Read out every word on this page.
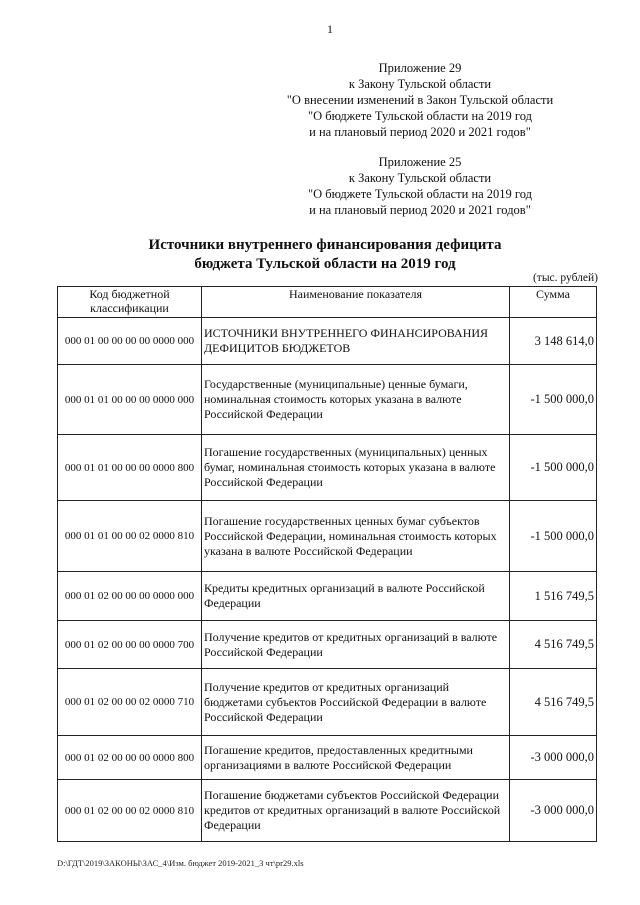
1
Приложение 29
к Закону Тульской области
"О внесении изменений в Закон Тульской области
"О бюджете Тульской области на 2019 год
и на плановый период 2020 и 2021 годов"
Приложение 25
к Закону Тульской области
"О бюджете Тульской области на 2019 год
и на плановый период 2020 и 2021 годов"
Источники внутреннего финансирования дефицита
бюджета Тульской области на 2019 год
(тыс. рублей)
Код бюджетной классификации	Наименование показателя	Сумма
000 01 00 00 00 00 0000 000	ИСТОЧНИКИ ВНУТРЕННЕГО ФИНАНСИРОВАНИЯ ДЕФИЦИТОВ БЮДЖЕТОВ	3 148 614,0
000 01 01 00 00 00 0000 000	Государственные (муниципальные) ценные бумаги, номинальная стоимость которых указана в валюте Российской Федерации	-1 500 000,0
000 01 01 00 00 00 0000 800	Погашение государственных (муниципальных) ценных бумаг, номинальная стоимость которых указана в валюте Российской Федерации	-1 500 000,0
000 01 01 00 00 02 0000 810	Погашение государственных ценных бумаг субъектов Российской Федерации, номинальная стоимость которых указана в валюте Российской Федерации	-1 500 000,0
000 01 02 00 00 00 0000 000	Кредиты кредитных организаций в валюте Российской Федерации	1 516 749,5
000 01 02 00 00 00 0000 700	Получение кредитов от кредитных организаций в валюте Российской Федерации	4 516 749,5
000 01 02 00 00 02 0000 710	Получение кредитов от кредитных организаций бюджетами субъектов Российской Федерации в валюте Российской Федерации	4 516 749,5
000 01 02 00 00 00 0000 800	Погашение кредитов, предоставленных кредитными организациями в валюте Российской Федерации	-3 000 000,0
000 01 02 00 00 02 0000 810	Погашение бюджетами субъектов Российской Федерации кредитов от кредитных организаций в валюте Российской Федерации	-3 000 000,0
D:\ГДТ\2019\ЗАКОНЫ\ЗАС_4\Изм. бюджет 2019-2021_3 чт\pr29.xls
